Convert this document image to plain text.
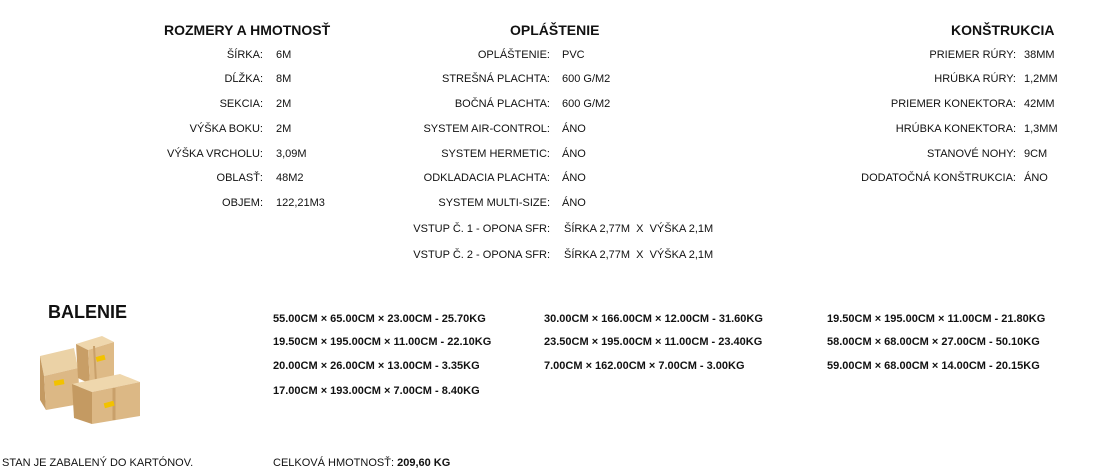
ROZMERY A HMOTNOSŤ	OPLÁŠTENIE	KONŠTRUKCIA
ŠÍRKA: 6M
DĹŽKA: 8M
SEKCIA: 2M
VÝŠKA BOKU: 2M
VÝŠKA VRCHOLU: 3,09M
OBLASŤ: 48M2
OBJEM: 122,21M3
OPLÁŠTENIE: PVC
STREŠNÁ PLACHTA: 600 G/M2
BOČNÁ PLACHTA: 600 G/M2
SYSTEM AIR-CONTROL: ÁNO
SYSTEM HERMETIC: ÁNO
ODKLADACIA PLACHTA: ÁNO
SYSTEM MULTI-SIZE: ÁNO
VSTUP Č. 1 - OPONA SFR: ŠÍRKA 2,77M  X  VÝŠKA 2,1M
VSTUP Č. 2 - OPONA SFR: ŠÍRKA 2,77M  X  VÝŠKA 2,1M
PRIEMER RÚRY: 38MM
HRÚBKA RÚRY: 1,2MM
PRIEMER KONEKTORA: 42MM
HRÚBKA KONEKTORA: 1,3MM
STANOVÉ NOHY: 9CM
DODATOČNÁ KONŠTRUKCIA: ÁNO
BALENIE	55.00CM × 65.00CM × 23.00CM - 25.70KG
19.50CM × 195.00CM × 11.00CM - 22.10KG
20.00CM × 26.00CM × 13.00CM - 3.35KG
17.00CM × 193.00CM × 7.00CM - 8.40KG
30.00CM × 166.00CM × 12.00CM - 31.60KG
23.50CM × 195.00CM × 11.00CM - 23.40KG
7.00CM × 162.00CM × 7.00CM - 3.00KG
19.50CM × 195.00CM × 11.00CM - 21.80KG
58.00CM × 68.00CM × 27.00CM - 50.10KG
59.00CM × 68.00CM × 14.00CM - 20.15KG
STAN JE ZABALENÝ DO KARTÓNOV.	CELKOVÁ HMOTNOSŤ: 209,60 KG
